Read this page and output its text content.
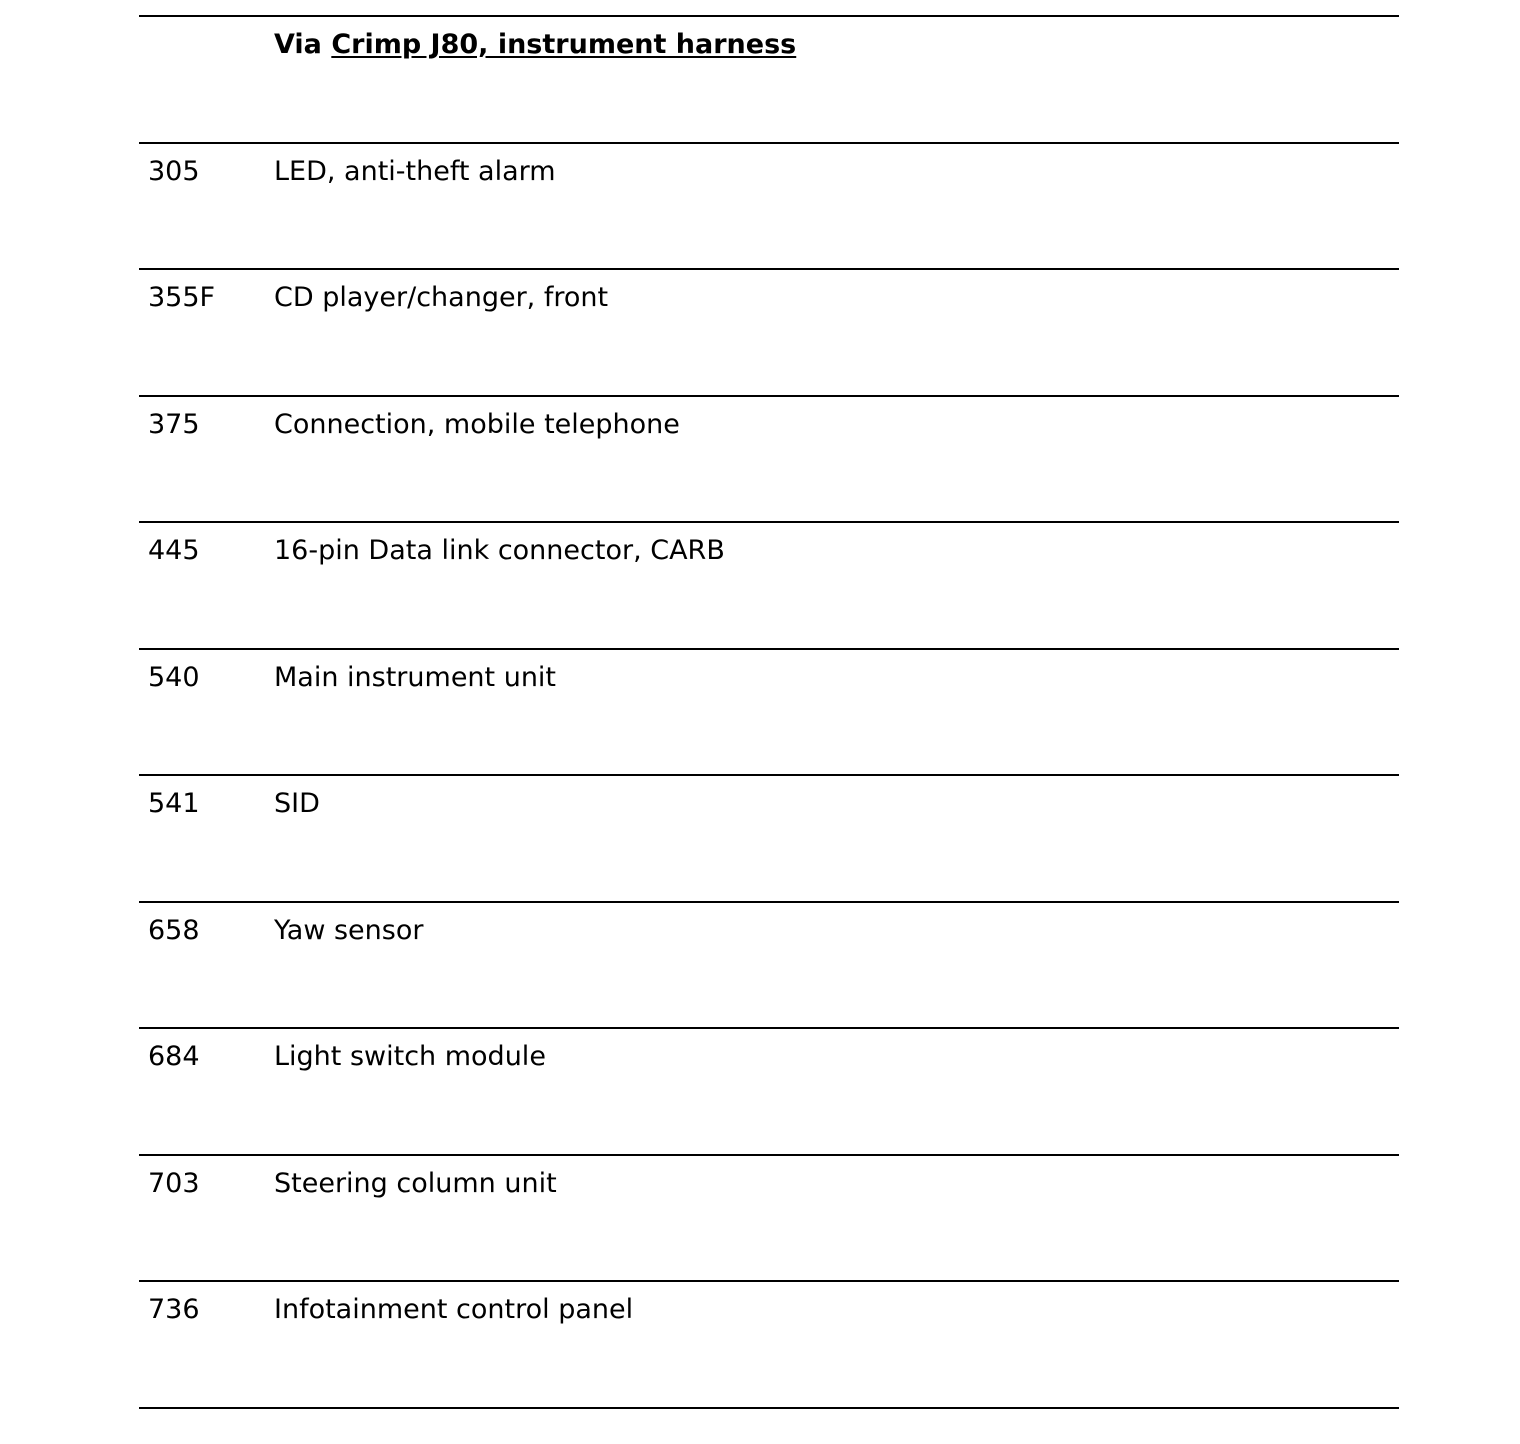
Via Crimp J80, instrument harness
305	LED, anti-theft alarm
355F CD player/changer, front
375	Connection, mobile telephone
445	16-pin Data link connector, CARB
540	Main instrument unit
541	SID
658	Yaw sensor
684	Light switch module
703	Steering column unit
736	Infotainment control panel
